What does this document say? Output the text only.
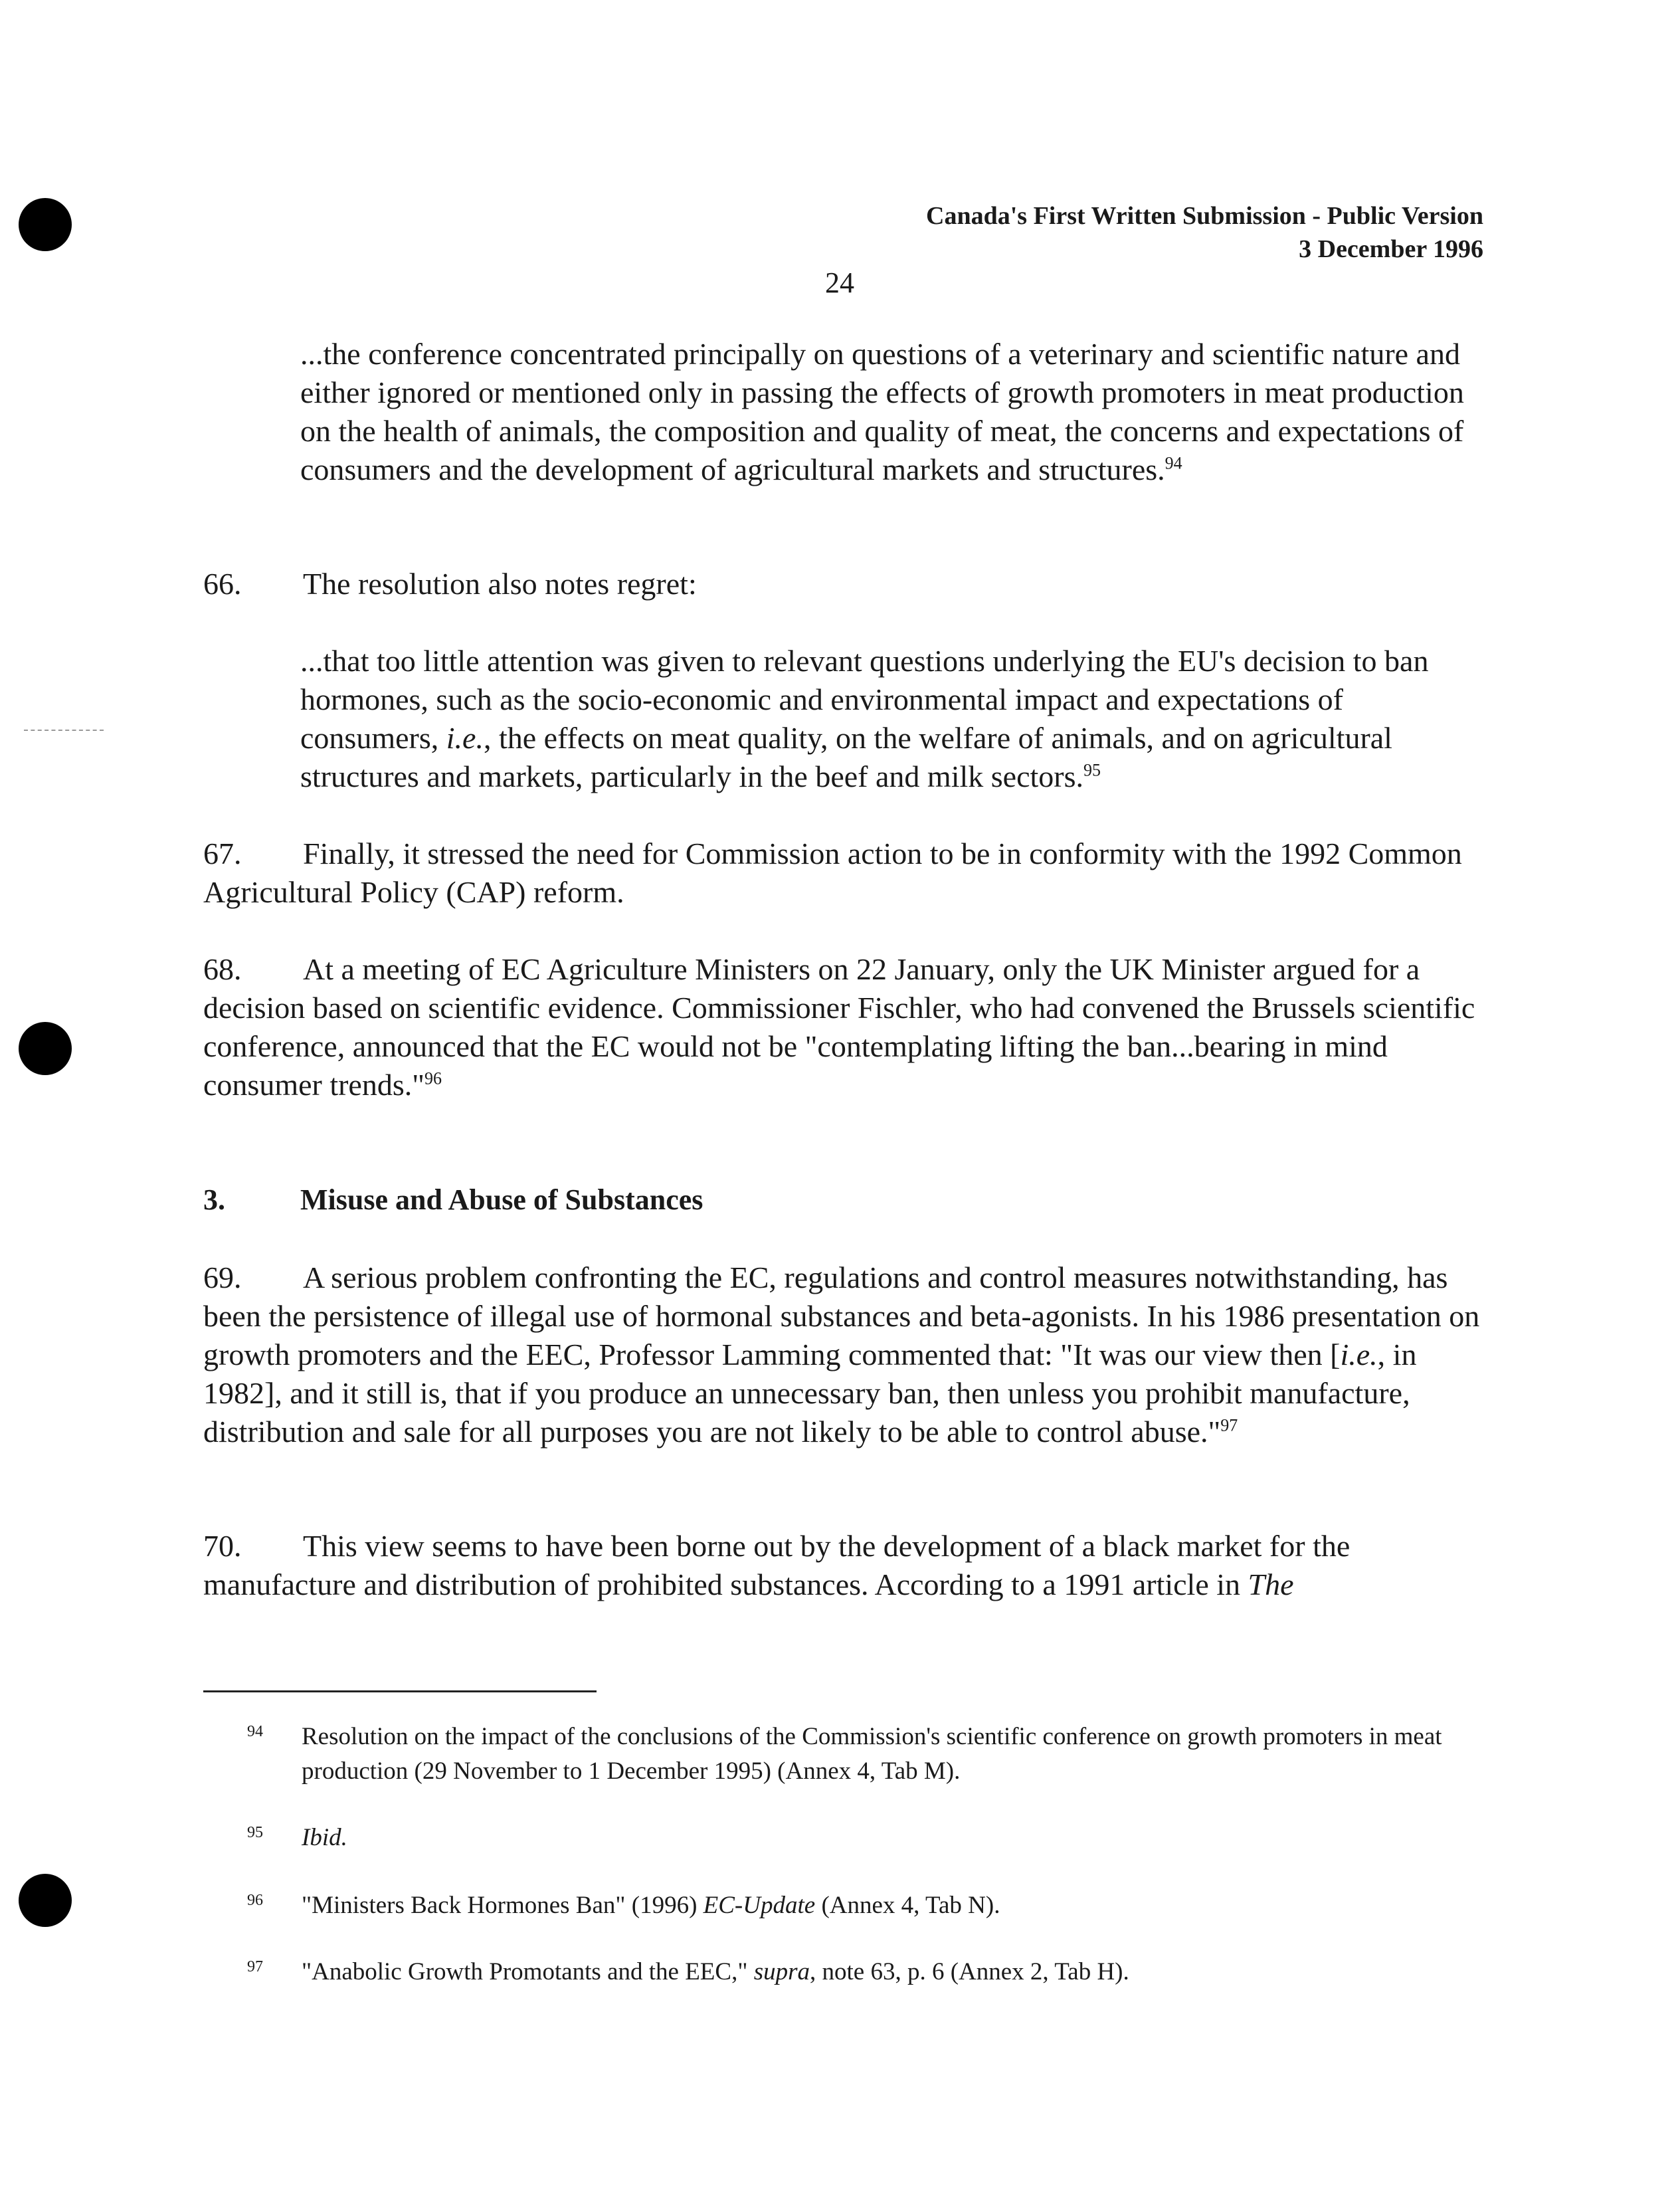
Canada's First Written Submission - Public Version
3 December 1996
24
...the conference concentrated principally on questions of a veterinary and scientific nature and either ignored or mentioned only in passing the effects of growth promoters in meat production on the health of animals, the composition and quality of meat, the concerns and expectations of consumers and the development of agricultural markets and structures.$^{94}$
66. The resolution also notes regret:
...that too little attention was given to relevant questions underlying the EU's decision to ban hormones, such as the socio-economic and environmental impact and expectations of consumers, i.e., the effects on meat quality, on the welfare of animals, and on agricultural structures and markets, particularly in the beef and milk sectors.$^{95}$
67. Finally, it stressed the need for Commission action to be in conformity with the 1992 Common Agricultural Policy (CAP) reform.
68. At a meeting of EC Agriculture Ministers on 22 January, only the UK Minister argued for a decision based on scientific evidence. Commissioner Fischler, who had convened the Brussels scientific conference, announced that the EC would not be "contemplating lifting the ban...bearing in mind consumer trends."$^{96}$
3.	Misuse and Abuse of Substances
69. A serious problem confronting the EC, regulations and control measures notwithstanding, has been the persistence of illegal use of hormonal substances and beta-agonists. In his 1986 presentation on growth promoters and the EEC, Professor Lamming commented that: "It was our view then [i.e., in 1982], and it still is, that if you produce an unnecessary ban, then unless you prohibit manufacture, distribution and sale for all purposes you are not likely to be able to control abuse."$^{97}$
70. This view seems to have been borne out by the development of a black market for the manufacture and distribution of prohibited substances. According to a 1991 article in The
94 Resolution on the impact of the conclusions of the Commission's scientific conference on growth promoters in meat production (29 November to 1 December 1995) (Annex 4, Tab M).
95 Ibid.
96 "Ministers Back Hormones Ban" (1996) EC-Update (Annex 4, Tab N).
97 "Anabolic Growth Promotants and the EEC," supra, note 63, p. 6 (Annex 2, Tab H).
